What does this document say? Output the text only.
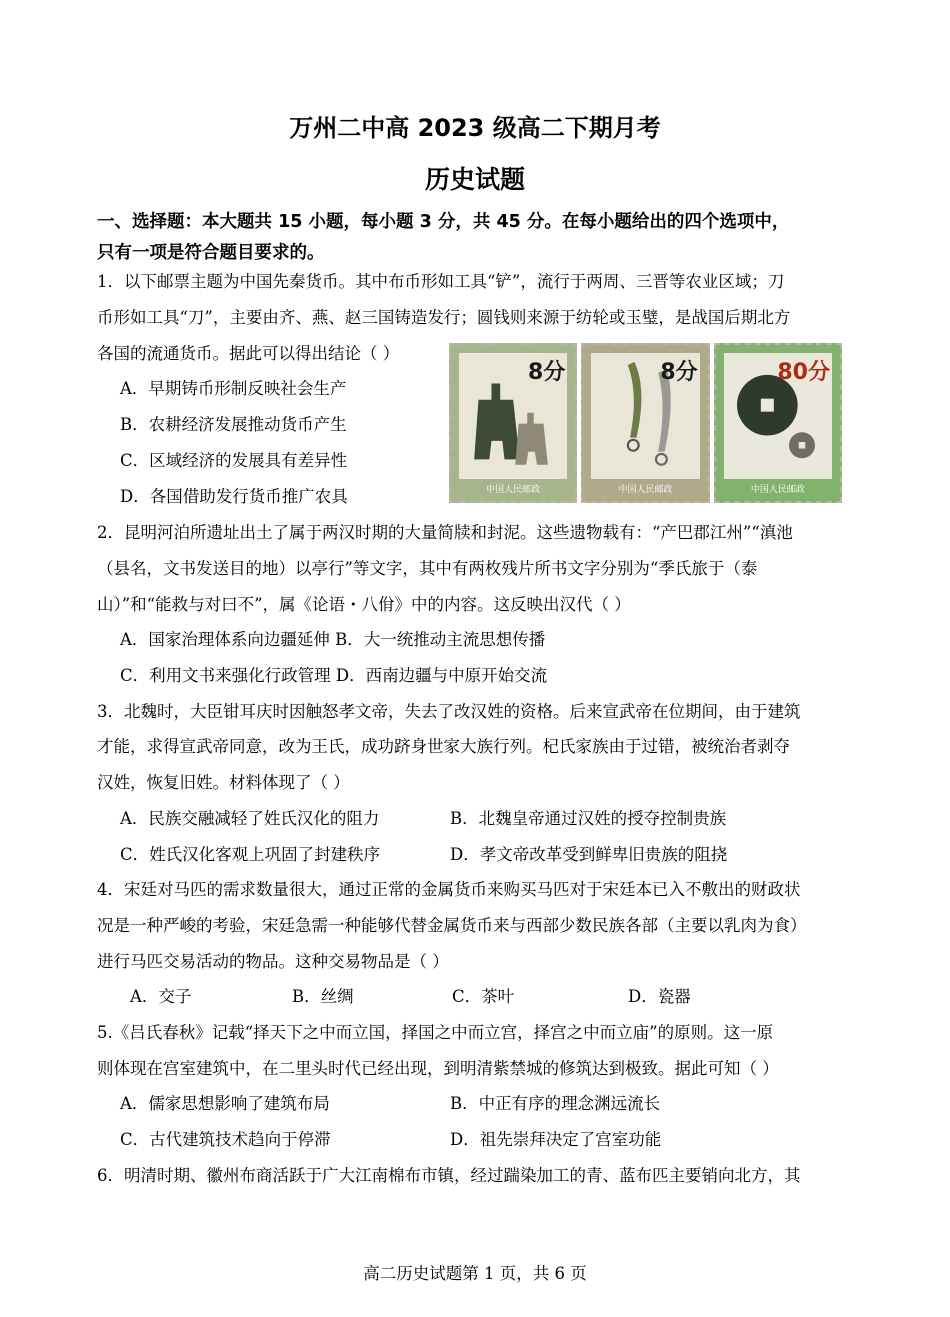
万州二中高 2023 级高二下期月考
历史试题
一、选择题：本大题共 15 小题，每小题 3 分，共 45 分。在每小题给出的四个选项中，
只有一项是符合题目要求的。
1．以下邮票主题为中国先秦货币。其中布币形如工具“铲”，流行于两周、三晋等农业区域；刀
币形如工具“刀”，主要由齐、燕、赵三国铸造发行；圆钱则来源于纺轮或玉璧，是战国后期北方
各国的流通货币。据此可以得出结论（ ）
A．早期铸币形制反映社会生产
B．农耕经济发展推动货币产生
C．区域经济的发展具有差异性
D．各国借助发行货币推广农具
8分
中国人民邮政
8分
中国人民邮政
80分
中国人民邮政
2．昆明河泊所遗址出土了属于两汉时期的大量简牍和封泥。这些遗物载有：“产巴郡江州”“滇池
（县名，文书发送目的地）以亭行”等文字，其中有两枚残片所书文字分别为“季氏旅于（泰
山）”和“能救与对曰不”，属《论语・八佾》中的内容。这反映出汉代（ ）
A．国家治理体系向边疆延伸 B．大一统推动主流思想传播
C．利用文书来强化行政管理 D．西南边疆与中原开始交流
3．北魏时，大臣钳耳庆时因触怒孝文帝，失去了改汉姓的资格。后来宣武帝在位期间，由于建筑
才能，求得宣武帝同意，改为王氏，成功跻身世家大族行列。杞氏家族由于过错，被统治者剥夺
汉姓，恢复旧姓。材料体现了（ ）
A．民族交融减轻了姓氏汉化的阻力	B．北魏皇帝通过汉姓的授夺控制贵族
C．姓氏汉化客观上巩固了封建秩序	D．孝文帝改革受到鲜卑旧贵族的阻挠
4．宋廷对马匹的需求数量很大，通过正常的金属货币来购买马匹对于宋廷本已入不敷出的财政状
况是一种严峻的考验，宋廷急需一种能够代替金属货币来与西部少数民族各部（主要以乳肉为食）
进行马匹交易活动的物品。这种交易物品是（ ）
A．交子	B．丝绸	C．茶叶	D．瓷器
5.《吕氏春秋》记载“择天下之中而立国，择国之中而立宫，择宫之中而立庙”的原则。这一原
则体现在宫室建筑中，在二里头时代已经出现，到明清紫禁城的修筑达到极致。据此可知（ ）
A．儒家思想影响了建筑布局	B．中正有序的理念渊远流长
C．古代建筑技术趋向于停滞	D．祖先崇拜决定了宫室功能
6．明清时期、徽州布商活跃于广大江南棉布市镇，经过踹染加工的青、蓝布匹主要销向北方，其
高二历史试题第 1 页，共 6 页
